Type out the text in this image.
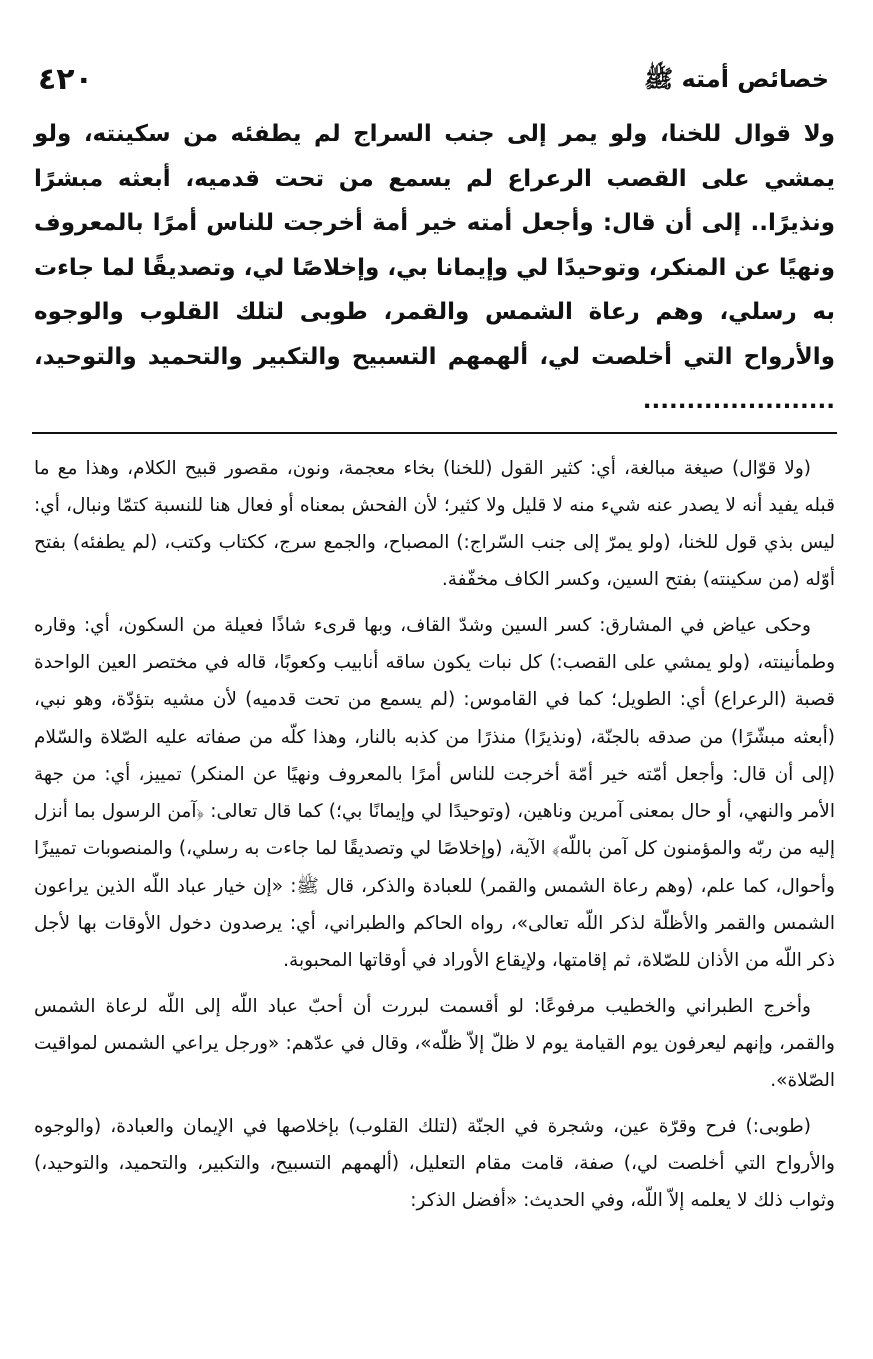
خصائص أمته ﷺ
٤٢٠

ولا قوال للخنا، ولو يمر إلى جنب السراج لم يطفئه من سكينته، ولو يمشي على القصب الرعراع لم يسمع من تحت قدميه، أبعثه مبشرًا ونذيرًا.. إلى أن قال: وأجعل أمته خير أمة أخرجت للناس أمرًا بالمعروف ونهيًا عن المنكر، وتوحيدًا لي وإيمانا بي، وإخلاصًا لي، وتصديقًا لما جاءت به رسلي، وهم رعاة الشمس والقمر، طوبى لتلك القلوب والوجوه والأرواح التي أخلصت لي، ألهمهم التسبيح والتكبير والتحميد والتوحيد، ......................

(ولا قوّال) صيغة مبالغة، أي: كثير القول (للخنا) بخاء معجمة، ونون، مقصور قبيح الكلام، وهذا مع ما قبله يفيد أنه لا يصدر عنه شيء منه لا قليل ولا كثير؛ لأن الفحش بمعناه أو فعال هنا للنسبة كتمّا ونبال، أي: ليس بذي قول للخنا، (ولو يمرّ إلى جنب السّراج:) المصباح، والجمع سرج، ككتاب وكتب، (لم يطفئه) بفتح أوّله (من سكينته) بفتح السين، وكسر الكاف مخفّفة.

وحكى عياض في المشارق: كسر السين وشدّ القاف، وبها قرىء شاذًا فعيلة من السكون، أي: وقاره وطمأنينته، (ولو يمشي على القصب:) كل نبات يكون ساقه أنابيب وكعوبًا، قاله في مختصر العين الواحدة قصبة (الرعراع) أي: الطويل؛ كما في القاموس: (لم يسمع من تحت قدميه) لأن مشيه بتؤدّة، وهو نبي، (أبعثه مبشّرًا) من صدقه بالجنّة، (ونذيرًا) منذرًا من كذبه بالنار، وهذا كلّه من صفاته عليه الصّلاة والسّلام (إلى أن قال: وأجعل أمّته خير أمّة أخرجت للناس أمرًا بالمعروف ونهيًا عن المنكر) تمييز، أي: من جهة الأمر والنهي، أو حال بمعنى آمرين وناهين، (وتوحيدًا لي وإيمانًا بي؛) كما قال تعالى: ﴿آمن الرسول بما أنزل إليه من ربّه والمؤمنون كل آمن باللّه﴾ الآية، (وإخلاصًا لي وتصديقًا لما جاءت به رسلي،) والمنصوبات تمييزًا وأحوال، كما علم، (وهم رعاة الشمس والقمر) للعبادة والذكر، قال ﷺ: «إن خيار عباد اللّه الذين يراعون الشمس والقمر والأظلّة لذكر اللّه تعالى»، رواه الحاكم والطبراني، أي: يرصدون دخول الأوقات بها لأجل ذكر اللّه من الأذان للصّلاة، ثم إقامتها، ولإيقاع الأوراد في أوقاتها المحبوبة.

وأخرج الطبراني والخطيب مرفوعًا: لو أقسمت لبررت أن أحبّ عباد اللّه إلى اللّه لرعاة الشمس والقمر، وإنهم ليعرفون يوم القيامة يوم لا ظلّ إلاّ ظلّه»، وقال في عدّهم: «ورجل يراعي الشمس لمواقيت الصّلاة».

(طوبى:) فرح وقرّة عين، وشجرة في الجنّة (لتلك القلوب) بإخلاصها في الإيمان والعبادة، (والوجوه والأرواح التي أخلصت لي،) صفة، قامت مقام التعليل، (ألهمهم التسبيح، والتكبير، والتحميد، والتوحيد،) وثواب ذلك لا يعلمه إلاّ اللّه، وفي الحديث: «أفضل الذكر:
